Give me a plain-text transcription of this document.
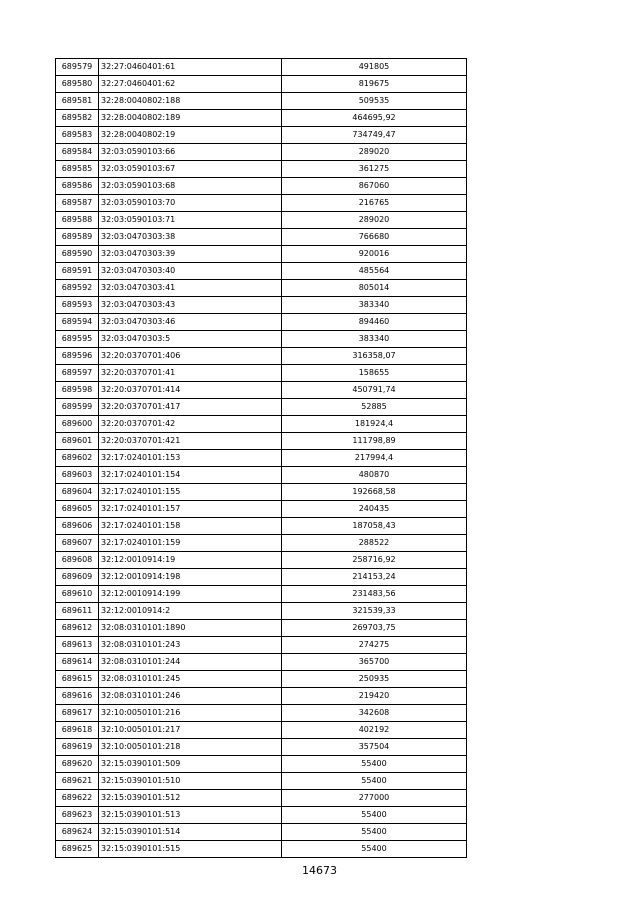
689579	32:27:0460401:61	491805
689580	32:27:0460401:62	819675
689581	32:28:0040802:188	509535
689582	32:28:0040802:189	464695,92
689583	32:28:0040802:19	734749,47
689584	32:03:0590103:66	289020
689585	32:03:0590103:67	361275
689586	32:03:0590103:68	867060
689587	32:03:0590103:70	216765
689588	32:03:0590103:71	289020
689589	32:03:0470303:38	766680
689590	32:03:0470303:39	920016
689591	32:03:0470303:40	485564
689592	32:03:0470303:41	805014
689593	32:03:0470303:43	383340
689594	32:03:0470303:46	894460
689595	32:03:0470303:5	383340
689596	32:20:0370701:406	316358,07
689597	32:20:0370701:41	158655
689598	32:20:0370701:414	450791,74
689599	32:20:0370701:417	52885
689600	32:20:0370701:42	181924,4
689601	32:20:0370701:421	111798,89
689602	32:17:0240101:153	217994,4
689603	32:17:0240101:154	480870
689604	32:17:0240101:155	192668,58
689605	32:17:0240101:157	240435
689606	32:17:0240101:158	187058,43
689607	32:17:0240101:159	288522
689608	32:12:0010914:19	258716,92
689609	32:12:0010914:198	214153,24
689610	32:12:0010914:199	231483,56
689611	32:12:0010914:2	321539,33
689612	32:08:0310101:1890	269703,75
689613	32:08:0310101:243	274275
689614	32:08:0310101:244	365700
689615	32:08:0310101:245	250935
689616	32:08:0310101:246	219420
689617	32:10:0050101:216	342608
689618	32:10:0050101:217	402192
689619	32:10:0050101:218	357504
689620	32:15:0390101:509	55400
689621	32:15:0390101:510	55400
689622	32:15:0390101:512	277000
689623	32:15:0390101:513	55400
689624	32:15:0390101:514	55400
689625	32:15:0390101:515	55400
14673
